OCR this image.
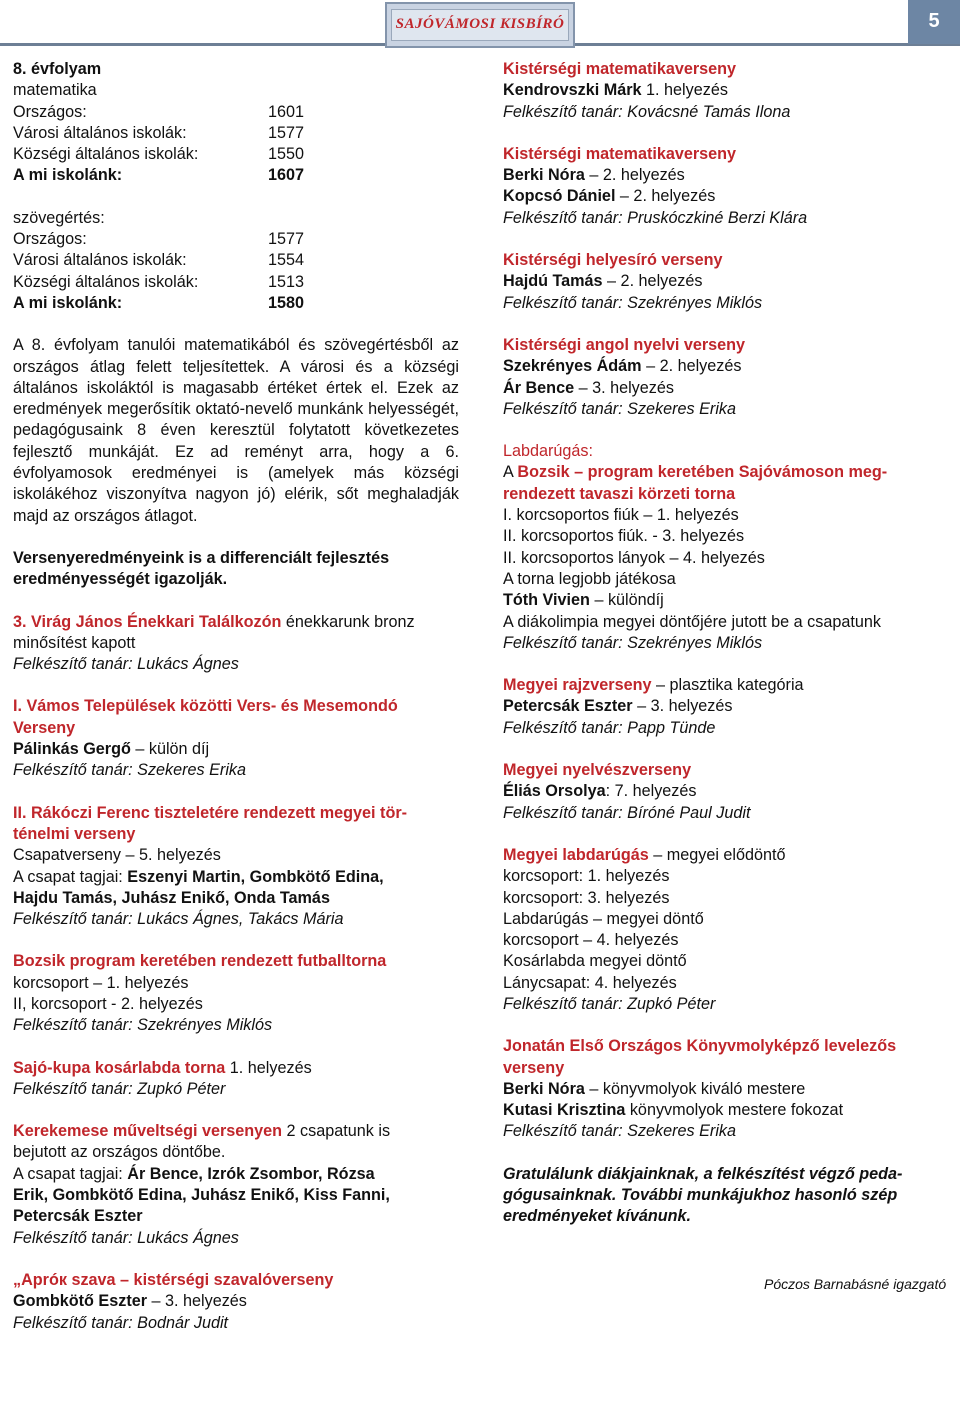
5
SAJÓVÁMOSI KISBÍRÓ
8. évfolyam
matematika
Országos:	1601
Városi általános iskolák:	1577
Községi általános iskolák:	1550
A mi iskolánk:	1607
szövegértés:
Országos:	1577
Városi általános iskolák:	1554
Községi általános iskolák:	1513
A mi iskolánk:	1580

A 8. évfolyam tanulói matematikából és szövegértésből az országos átlag felett teljesítettek. A városi és a községi általános iskoláktól is magasabb értéket értek el. Ezek az eredmények megerősítik oktató-nevelő munkánk helyességét, pedagógusaink 8 éven keresztül folytatott következetes fejlesztő munkáját. Ez ad reményt arra, hogy a 6. évfolyamosok eredményei is (amelyek más községi iskolákéhoz viszonyítva nagyon jó) elérik, sőt meghaladják majd az országos átlagot.

Versenyeredményeink is a differenciált fejlesztés
eredményességét igazolják.
3. Virág János Énekkari Találkozón énekkarunk bronz
minősítést kapott
Felkészítő tanár: Lukács Ágnes
I. Vámos Települések közötti Vers- és Mesemondó
Verseny
Pálinkás Gergő – külön díj
Felkészítő tanár: Szekeres Erika
II. Rákóczi Ferenc tiszteletére rendezett megyei tör-
ténelmi verseny
Csapatverseny – 5. helyezés
A csapat tagjai: Eszenyi Martin, Gombkötő Edina,
Hajdu Tamás, Juhász Enikő, Onda Tamás
Felkészítő tanár: Lukács Ágnes, Takács Mária
Bozsik program keretében rendezett futballtorna
korcsoport – 1. helyezés
II, korcsoport - 2. helyezés
Felkészítő tanár: Szekrényes Miklós
Sajó-kupa kosárlabda torna 1. helyezés
Felkészítő tanár: Zupkó Péter
Kerekemese műveltségi versenyen 2 csapatunk is
bejutott az országos döntőbe.
A csapat tagjai: Ár Bence, Izrók Zsombor, Rózsa
Erik, Gombkötő Edina, Juhász Enikő, Kiss Fanni,
Petercsák Eszter
Felkészítő tanár: Lukács Ágnes
„Apróк szava – kistérségi szavalóverseny
Gombkötő Eszter – 3. helyezés
Felkészítő tanár: Bodnár Judit
Kistérségi matematikaverseny
Kendrovszki Márk 1. helyezés
Felkészítő tanár: Kovácsné Tamás Ilona
Kistérségi matematikaverseny
Berki Nóra – 2. helyezés
Kopcsó Dániel – 2. helyezés
Felkészítő tanár: Pruskóczkiné Berzi Klára
Kistérségi helyesíró verseny
Hajdú Tamás – 2. helyezés
Felkészítő tanár: Szekrényes Miklós
Kistérségi angol nyelvi verseny
Szekrényes Ádám – 2. helyezés
Ár Bence – 3. helyezés
Felkészítő tanár: Szekeres Erika
Labdarúgás:
A Bozsik – program keretében Sajóvámoson meg-
rendezett tavaszi körzeti torna
I. korcsoportos fiúk – 1. helyezés
II. korcsoportos fiúk. - 3. helyezés
II. korcsoportos lányok – 4. helyezés
A torna legjobb játékosa
Tóth Vivien – különdíj
A diákolimpia megyei döntőjére jutott be a csapatunk
Felkészítő tanár: Szekrényes Miklós
Megyei rajzverseny – plasztika kategória
Petercsák Eszter – 3. helyezés
Felkészítő tanár: Papp Tünde
Megyei nyelvészverseny
Éliás Orsolya: 7. helyezés
Felkészítő tanár: Bíróné Paul Judit
Megyei labdarúgás – megyei elődöntő
korcsoport: 1. helyezés
korcsoport: 3. helyezés
Labdarúgás – megyei döntő
korcsoport – 4. helyezés
Kosárlabda megyei döntő
Lánycsapat: 4. helyezés
Felkészítő tanár: Zupkó Péter
Jonatán Első Országos Könyvmolyképző levelezős
verseny
Berki Nóra – könyvmolyok kiváló mestere
Kutasi Krisztina könyvmolyok mestere fokozat
Felkészítő tanár: Szekeres Erika
Gratulálunk diákjainknak, a felkészítést végző peda-
gógusainknak. További munkájukhoz hasonló szép
eredményeket kívánunk.
Póczos Barnabásné igazgató
